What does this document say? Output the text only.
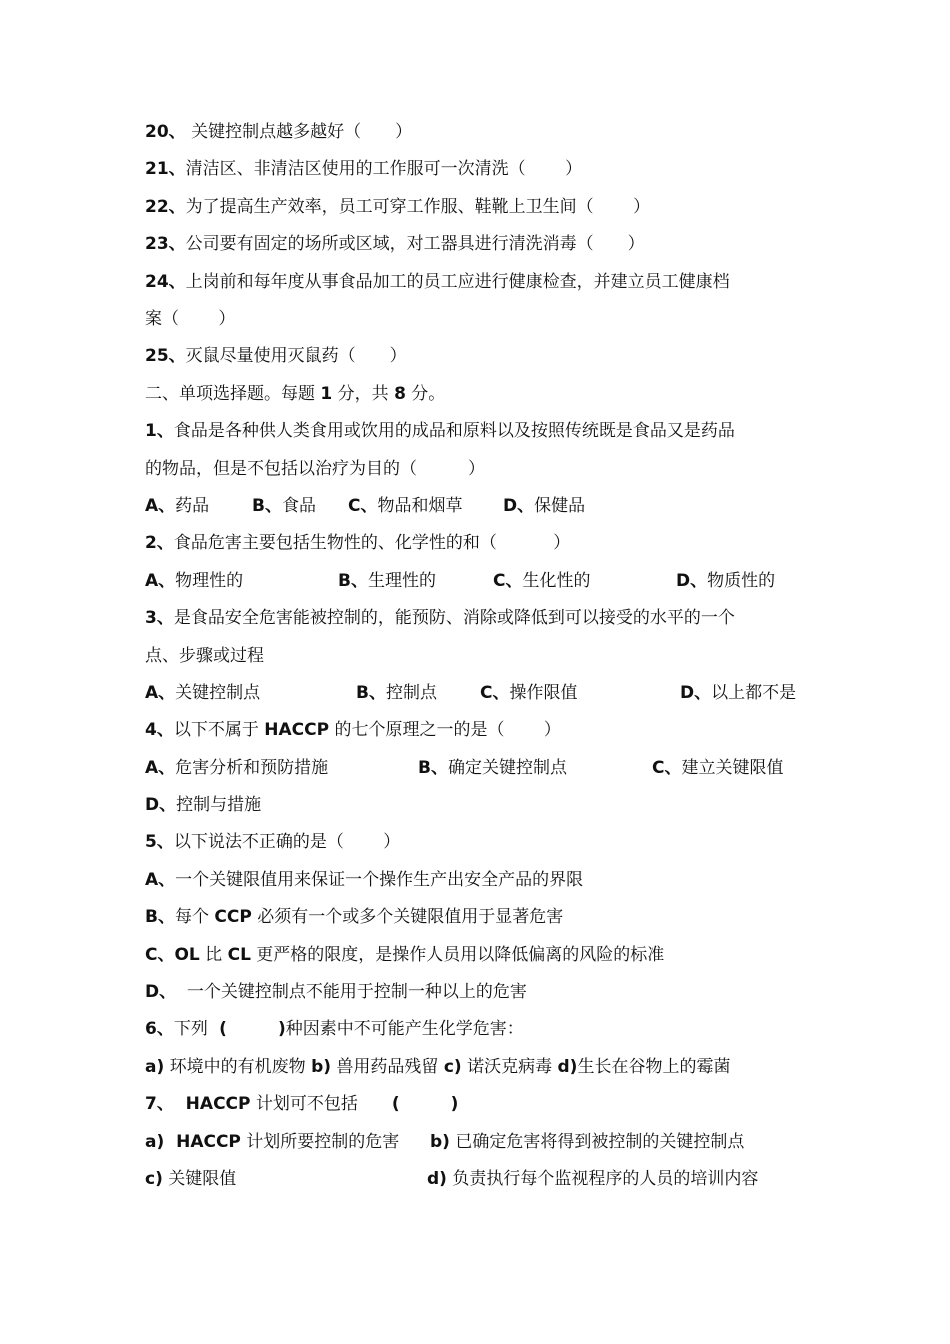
20、 关键控制点越多越好（　　）
21、清洁区、非清洁区使用的工作服可一次清洗（　　 ）
22、为了提高生产效率，员工可穿工作服、鞋靴上卫生间（　　 ）
23、公司要有固定的场所或区域，对工器具进行清洗消毒（　　）
24、上岗前和每年度从事食品加工的员工应进行健康检查，并建立员工健康档
案（　　 ）
25、灭鼠尽量使用灭鼠药（　　）
二、单项选择题。每题 1 分，共 8 分。
1、食品是各种供人类食用或饮用的成品和原料以及按照传统既是食品又是药品
的物品，但是不包括以治疗为目的（　　　）
A、药品	B、食品 C、物品和烟草 D、保健品
2、食品危害主要包括生物性的、化学性的和（　　　 ）
A、物理性的	B、生理性的	C、生化性的	D、物质性的
3、是食品安全危害能被控制的，能预防、消除或降低到可以接受的水平的一个
点、步骤或过程
A、关键控制点	B、控制点	C、操作限值	D、以上都不是
4、以下不属于 HACCP 的七个原理之一的是（　　 ）
A、危害分析和预防措施	B、确定关键控制点	C、建立关键限值
D、控制与措施
5、以下说法不正确的是（　　 ）
A、一个关键限值用来保证一个操作生产出安全产品的界限
B、每个 CCP 必须有一个或多个关键限值用于显著危害
C、OL 比 CL 更严格的限度，是操作人员用以降低偏离的风险的标准
D、  一个关键控制点不能用于控制一种以上的危害
6、下列  (　　　)种因素中不可能产生化学危害：
a) 环境中的有机废物 b) 兽用药品残留 c) 诺沃克病毒 d)生长在谷物上的霉菌
7、  HACCP 计划可不包括　　(　　　)
a)  HACCP 计划所要控制的危害 b) 已确定危害将得到被控制的关键控制点
c) 关键限值	d) 负责执行每个监视程序的人员的培训内容
